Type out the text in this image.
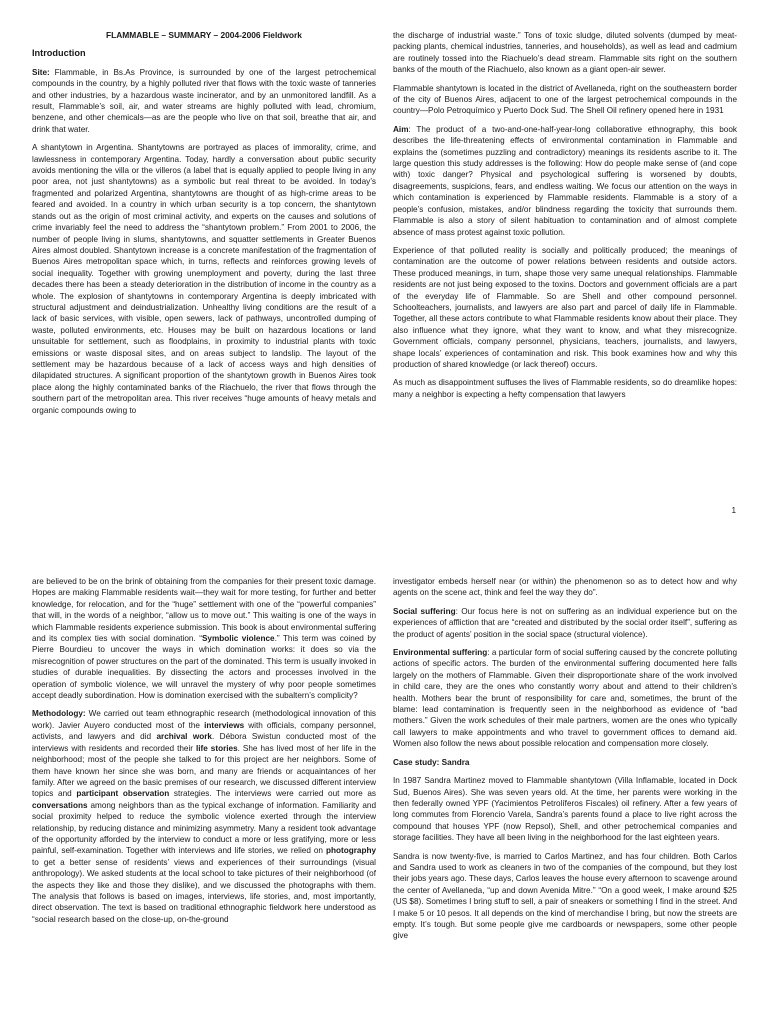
FLAMMABLE – SUMMARY – 2004-2006 Fieldwork

Introduction

Site: Flammable, in Bs.As Province, is surrounded by one of the largest petrochemical compounds in the country, by a highly polluted river that flows with the toxic waste of tanneries and other industries, by a hazardous waste incinerator, and by an unmonitored landfill. As a result, Flammable’s soil, air, and water streams are highly polluted with lead, chromium, benzene, and other chemicals—as are the people who live on that soil, breathe that air, and drink that water.

A shantytown in Argentina. Shantytowns are portrayed as places of immorality, crime, and lawlessness in contemporary Argentina. Today, hardly a conversation about public security avoids mentioning the villa or the villeros (a label that is equally applied to people living in any poor area, not just shantytowns) as a symbolic but real threat to be avoided. In today’s fragmented and polarized Argentina, shantytowns are thought of as high-crime areas to be feared and avoided. In a country in which urban security is a top concern, the shantytown stands out as the origin of most criminal activity, and experts on the causes and solutions of crime invariably feel the need to address the “shantytown problem.” From 2001 to 2006, the number of people living in slums, shantytowns, and squatter settlements in Greater Buenos Aires almost doubled. Shantytown increase is a concrete manifestation of the fragmentation of Buenos Aires metropolitan space which, in turns, reflects and reinforces growing levels of social inequality. Together with growing unemployment and poverty, during the last three decades there has been a steady deterioration in the distribution of income in the country as a whole. The explosion of shantytowns in contemporary Argentina is deeply imbricated with structural adjustment and deindustrialization. Unhealthy living conditions are the result of a lack of basic services, with visible, open sewers, lack of pathways, uncontrolled dumping of waste, polluted environments, etc. Houses may be built on hazardous locations or land unsuitable for settlement, such as floodplains, in proximity to industrial plants with toxic emissions or waste disposal sites, and on areas subject to landslip. The layout of the settlement may be hazardous because of a lack of access ways and high densities of dilapidated structures. A significant proportion of the shantytown growth in Buenos Aires took place along the highly contaminated banks of the Riachuelo, the river that flows through the southern part of the metropolitan area. This river receives “huge amounts of heavy metals and organic compounds owing to

the discharge of industrial waste.” Tons of toxic sludge, diluted solvents (dumped by meat-packing plants, chemical industries, tanneries, and households), as well as lead and cadmium are routinely tossed into the Riachuelo’s dead stream. Flammable sits right on the southern banks of the mouth of the Riachuelo, also known as a giant open-air sewer.

Flammable shantytown is located in the district of Avellaneda, right on the southeastern border of the city of Buenos Aires, adjacent to one of the largest petrochemical compounds in the country—Polo Petroquímico y Puerto Dock Sud. The Shell Oil refinery opened here in 1931

Aim: The product of a two-and-one-half-year-long collaborative ethnography, this book describes the life-threatening effects of environmental contamination in Flammable and explains the (sometimes puzzling and contradictory) meanings its residents ascribe to it. The large question this study addresses is the following: How do people make sense of (and cope with) toxic danger? Physical and psychological suffering is worsened by doubts, disagreements, suspicions, fears, and endless waiting. We focus our attention on the ways in which contamination is experienced by Flammable residents. Flammable is a story of a people’s confusion, mistakes, and/or blindness regarding the toxicity that surrounds them. Flammable is also a story of silent habituation to contamination and of almost complete absence of mass protest against toxic pollution.

Experience of that polluted reality is socially and politically produced; the meanings of contamination are the outcome of power relations between residents and outside actors. These produced meanings, in turn, shape those very same unequal relationships. Flammable residents are not just being exposed to the toxins. Doctors and government officials are a part of the everyday life of Flammable. So are Shell and other compound personnel. Schoolteachers, journalists, and lawyers are also part and parcel of daily life in Flammable. Together, all these actors contribute to what Flammable residents know about their place. They also influence what they ignore, what they want to know, and what they misrecognize. Government officials, company personnel, physicians, teachers, journalists, and lawyers, shape locals’ experiences of contamination and risk. This book examines how and why this production of shared knowledge (or lack thereof) occurs.

As much as disappointment suffuses the lives of Flammable residents, so do dreamlike hopes: many a neighbor is expecting a hefty compensation that lawyers

1

are believed to be on the brink of obtaining from the companies for their present toxic damage. Hopes are making Flammable residents wait—they wait for more testing, for further and better knowledge, for relocation, and for the “huge” settlement with one of the “powerful companies” that will, in the words of a neighbor, “allow us to move out.” This waiting is one of the ways in which Flammable residents experience submission. This book is about environmental suffering and its complex ties with social domination. “Symbolic violence.” This term was coined by Pierre Bourdieu to uncover the ways in which domination works: it does so via the misrecognition of power structures on the part of the dominated. This term is usually invoked in studies of durable inequalities. By dissecting the actors and processes involved in the operation of symbolic violence, we will unravel the mystery of why poor people sometimes accept deadly subordination. How is domination exercised with the subaltern’s complicity?

Methodology: We carried out team ethnographic research (methodological innovation of this work). Javier Auyero conducted most of the interviews with officials, company personnel, activists, and lawyers and did archival work. Débora Swistun conducted most of the interviews with residents and recorded their life stories. She has lived most of her life in the neighborhood; most of the people she talked to for this project are her neighbors. Some of them have known her since she was born, and many are friends or acquaintances of her family. After we agreed on the basic premises of our research, we discussed different interview topics and participant observation strategies. The interviews were carried out more as conversations among neighbors than as the typical exchange of information. Familiarity and social proximity helped to reduce the symbolic violence exerted through the interview relationship, by reducing distance and minimizing asymmetry. Many a resident took advantage of the opportunity afforded by the interview to conduct a more or less gratifying, more or less painful, self-examination. Together with interviews and life stories, we relied on photography to get a better sense of residents’ views and experiences of their surroundings (visual anthropology). We asked students at the local school to take pictures of their neighborhood (of the aspects they like and those they dislike), and we discussed the photographs with them. The analysis that follows is based on images, interviews, life stories, and, most importantly, direct observation. The text is based on traditional ethnographic fieldwork here understood as “social research based on the close-up, on-the-ground

investigator embeds herself near (or within) the phenomenon so as to detect how and why agents on the scene act, think and feel the way they do”.

Social suffering: Our focus here is not on suffering as an individual experience but on the experiences of affliction that are “created and distributed by the social order itself”, suffering as the product of agents’ position in the social space (structural violence).

Environmental suffering: a particular form of social suffering caused by the concrete polluting actions of specific actors. The burden of the environmental suffering documented here falls largely on the mothers of Flammable. Given their disproportionate share of the work involved in child care, they are the ones who constantly worry about and attend to their children’s health. Mothers bear the brunt of responsibility for care and, sometimes, the brunt of the blame: lead contamination is frequently seen in the neighborhood as evidence of “bad mothers.” Given the work schedules of their male partners, women are the ones who typically call lawyers to make appointments and who travel to government offices to demand aid. Women also follow the news about possible relocation and compensation more closely.

Case study: Sandra

In 1987 Sandra Martinez moved to Flammable shantytown (Villa Inflamable, located in Dock Sud, Buenos Aires). She was seven years old. At the time, her parents were working in the then federally owned YPF (Yacimientos Petrolíferos Fiscales) oil refinery. After a few years of long commutes from Florencio Varela, Sandra’s parents found a place to live right across the compound that houses YPF (now Repsol), Shell, and other petrochemical companies and storage facilities. They have all been living in the neighborhood for the last eighteen years.

Sandra is now twenty-five, is married to Carlos Martinez, and has four children. Both Carlos and Sandra used to work as cleaners in two of the companies of the compound, but they lost their jobs years ago. These days, Carlos leaves the house every afternoon to scavenge around the center of Avellaneda, “up and down Avenida Mitre.” “On a good week, I make around $25 (US $8). Sometimes I bring stuff to sell, a pair of sneakers or something I find in the street. And I make 5 or 10 pesos. It all depends on the kind of merchandise I bring, but now the streets are empty. It’s tough. But some people give me cardboards or newspapers, some other people give
